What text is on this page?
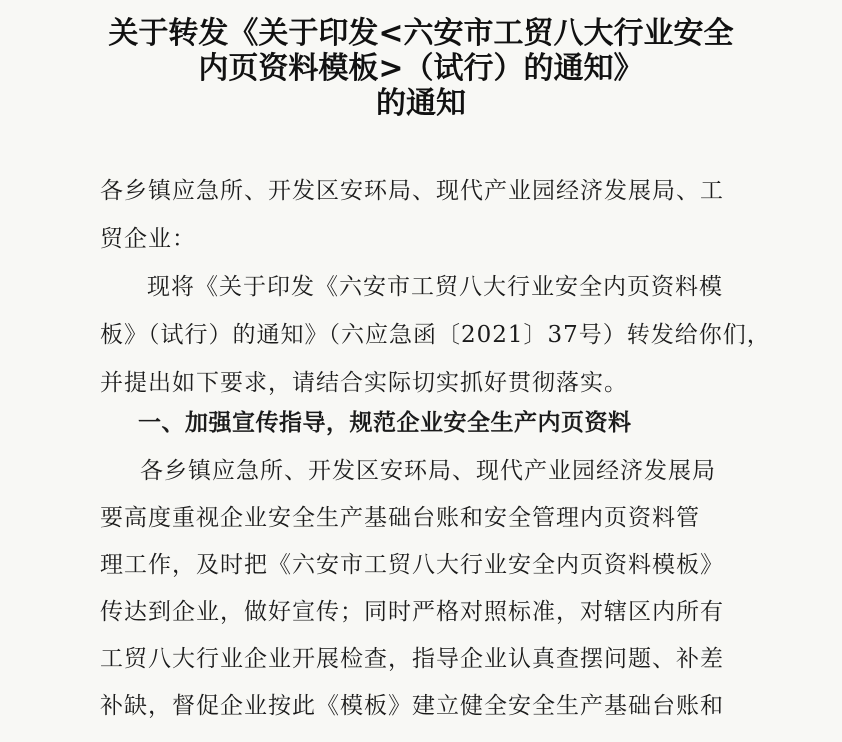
关于转发《关于印发<六安市工贸八大行业安全
内页资料模板>（试行）的通知》
的通知
各乡镇应急所、开发区安环局、现代产业园经济发展局、工
贸企业：
现将《关于印发《六安市工贸八大行业安全内页资料模
板》（试行）的通知》（六应急函〔2021〕37号）转发给你们，
并提出如下要求，请结合实际切实抓好贯彻落实。
一、加强宣传指导，规范企业安全生产内页资料
各乡镇应急所、开发区安环局、现代产业园经济发展局
要高度重视企业安全生产基础台账和安全管理内页资料管
理工作，及时把《六安市工贸八大行业安全内页资料模板》
传达到企业，做好宣传；同时严格对照标准，对辖区内所有
工贸八大行业企业开展检查，指导企业认真查摆问题、补差
补缺，督促企业按此《模板》建立健全安全生产基础台账和
